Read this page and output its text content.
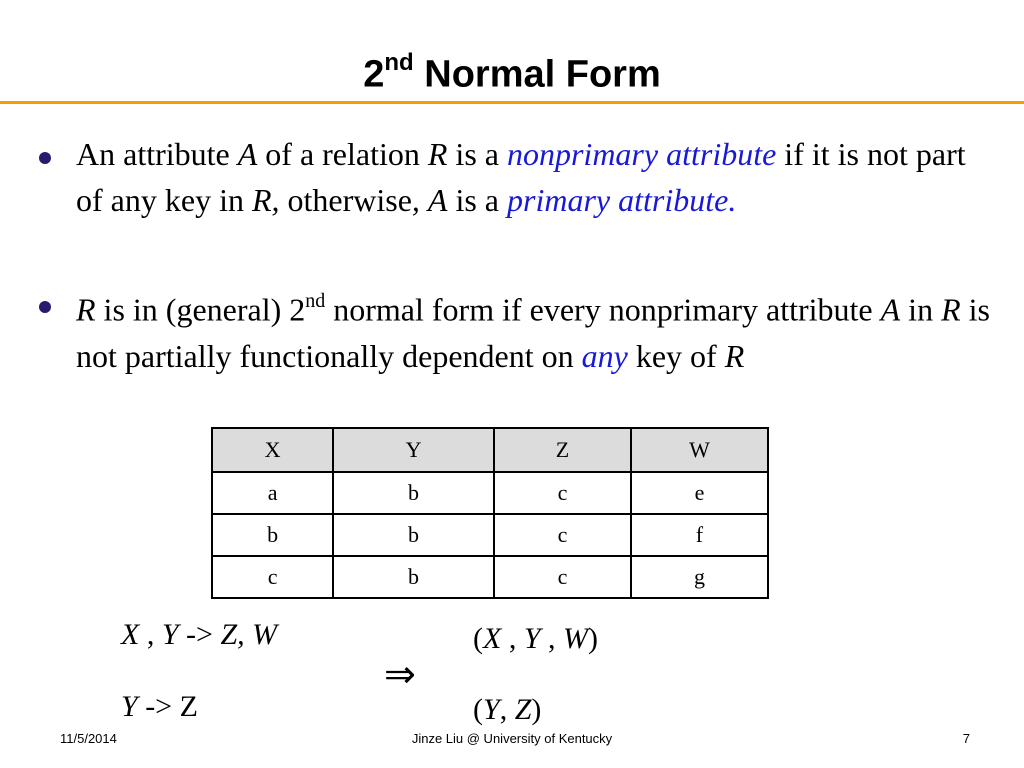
2nd Normal Form
An attribute A of a relation R is a nonprimary attribute if it is not part of any key in R, otherwise, A is a primary attribute.
R is in (general) 2nd normal form if every nonprimary attribute A in R is not partially functionally dependent on any key of R
X	Y	Z	W
a	b	c	e
b	b	c	f
c	b	c	g
X , Y -> Z, W
Y -> Z
⇒
(X , Y , W)
(Y, Z)
11/5/2014	Jinze Liu @ University of Kentucky	7
